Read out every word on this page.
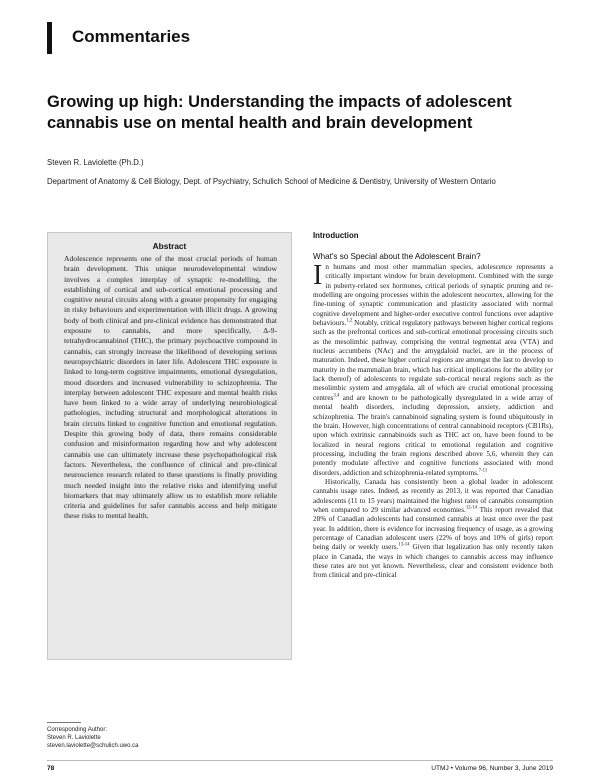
Commentaries
Growing up high: Understanding the impacts of adolescent cannabis use on mental health and brain development
Steven R. Laviolette (Ph.D.)
Department of Anatomy & Cell Biology, Dept. of Psychiatry, Schulich School of Medicine & Dentistry, University of Western Ontario
Abstract
Adolescence represents one of the most crucial periods of human brain development. This unique neurodevelopmental window involves a complex interplay of synaptic re-modelling, the establishing of cortical and sub-cortical emotional processing and cognitive neural circuits along with a greater propensity for engaging in risky behaviours and experimentation with illicit drugs. A growing body of both clinical and pre-clinical evidence has demonstrated that exposure to cannabis, and more specifically, Δ-9-tetrahydrocannabinol (THC), the primary psychoactive compound in cannabis, can strongly increase the likelihood of developing serious neuropsychiatric disorders in later life. Adolescent THC exposure is linked to long-term cognitive impairments, emotional dysregulation, mood disorders and increased vulnerability to schizophrenia. The interplay between adolescent THC exposure and mental health risks have been linked to a wide array of underlying neurobiological pathologies, including structural and morphological alterations in brain circuits linked to cognitive function and emotional regulation. Despite this growing body of data, there remains considerable confusion and misinformation regarding how and why adolescent cannabis use can ultimately increase these psychopathological risk factors. Nevertheless, the confluence of clinical and pre-clinical neuroscience research related to these questions is finally providing much needed insight into the relative risks and identifying useful biomarkers that may ultimately allow us to establish more reliable criteria and guidelines for safer cannabis access and help mitigate these risks to mental health.
Corresponding Author:
Steven R. Laviolette
steven.laviolette@schulich.uwo.ca
Introduction
What's so Special about the Adolescent Brain?

In humans and most other mammalian species, adolescence represents a critically important window for brain development. Combined with the surge in puberty-related sex hormones, critical periods of synaptic pruning and re-modelling are ongoing processes within the adolescent neocortex, allowing for the fine-tuning of synaptic communication and plasticity associated with normal cognitive development and higher-order executive control functions over adaptive behaviours.$^{1,2}$ Notably, critical regulatory pathways between higher cortical regions such as the prefrontal cortices and sub-cortical emotional processing circuits such as the mesolimbic pathway, comprising the ventral tegmental area (VTA) and nucleus accumbens (NAc) and the amygdaloid nuclei, are in the process of maturation. Indeed, these higher cortical regions are amongst the last to develop to maturity in the mammalian brain, which has critical implications for the ability (or lack thereof) of adolescents to regulate sub-cortical neural regions such as the mesolimbic system and amygdala, all of which are crucial emotional processing centres$^{3,4}$ and are known to be pathologically dysregulated in a wide array of mental health disorders, including depression, anxiety, addiction and schizophrenia. The brain's cannabinoid signaling system is found ubiquitously in the brain. However, high concentrations of central cannabinoid receptors (CB1Rs), upon which extrinsic cannabinoids such as THC act on, have been found to be localized in neural regions critical to emotional regulation and cognitive processing, including the brain regions described above 5,6, wherein they can potently modulate affective and cognitive functions associated with mood disorders, addiction and schizophrenia-related symptoms.$^{7-11}$

Historically, Canada has consistently been a global leader in adolescent cannabis usage rates. Indeed, as recently as 2013, it was reported that Canadian adolescents (11 to 15 years) maintained the highest rates of cannabis consumption when compared to 29 similar advanced economies.$^{12-14}$ This report revealed that 28% of Canadian adolescents had consumed cannabis at least once over the past year. In addition, there is evidence for increasing frequency of usage, as a growing percentage of Canadian adolescent users (22% of boys and 10% of girls) report being daily or weekly users.$^{13-14}$ Given that legalization has only recently taken place in Canada, the ways in which changes to cannabis access may influence these rates are not yet known. Nevertheless, clear and consistent evidence both from clinical and pre-clinical

78	UTMJ • Volume 96, Number 3, June 2019
